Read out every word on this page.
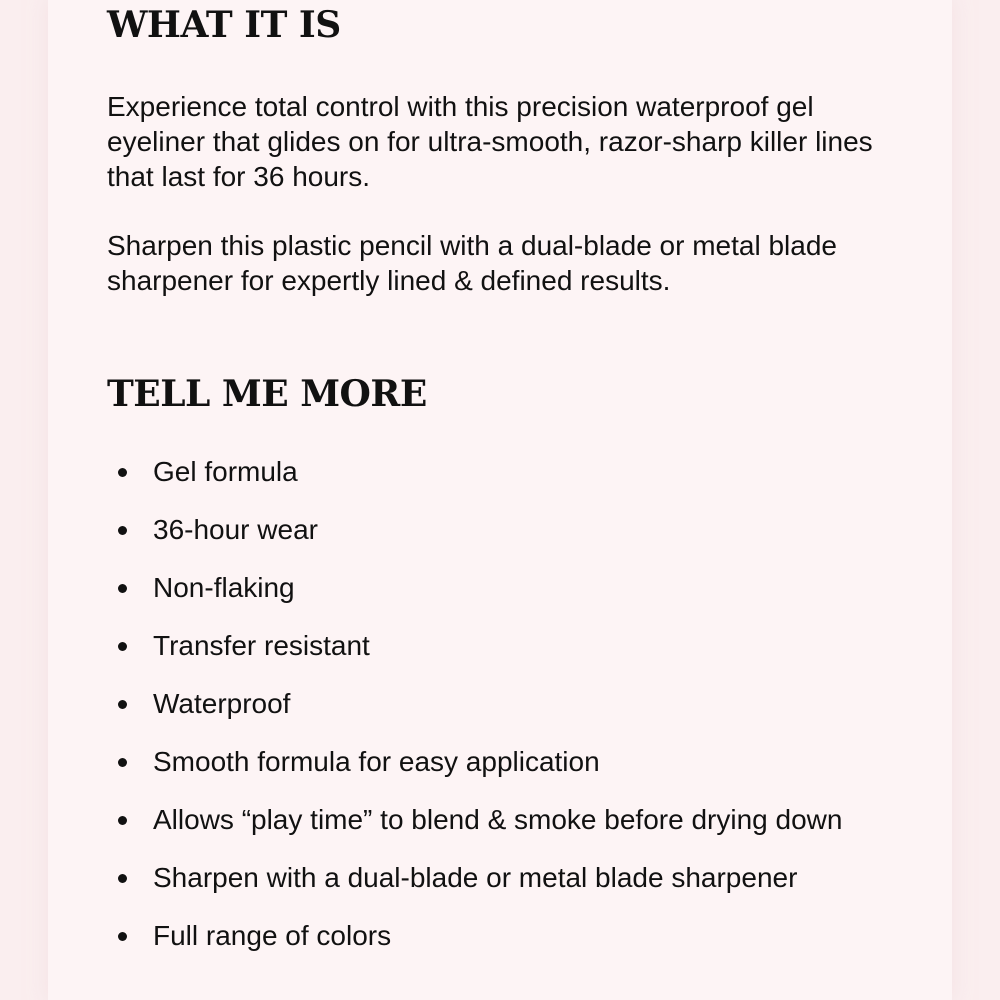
WHAT IT IS

Experience total control with this precision waterproof gel eyeliner that glides on for ultra-smooth, razor-sharp killer lines that last for 36 hours.

Sharpen this plastic pencil with a dual-blade or metal blade sharpener for expertly lined & defined results.

TELL ME MORE
Gel formula
36-hour wear
Non-flaking
Transfer resistant
Waterproof
Smooth formula for easy application
Allows “play time” to blend & smoke before drying down
Sharpen with a dual-blade or metal blade sharpener
Full range of colors
